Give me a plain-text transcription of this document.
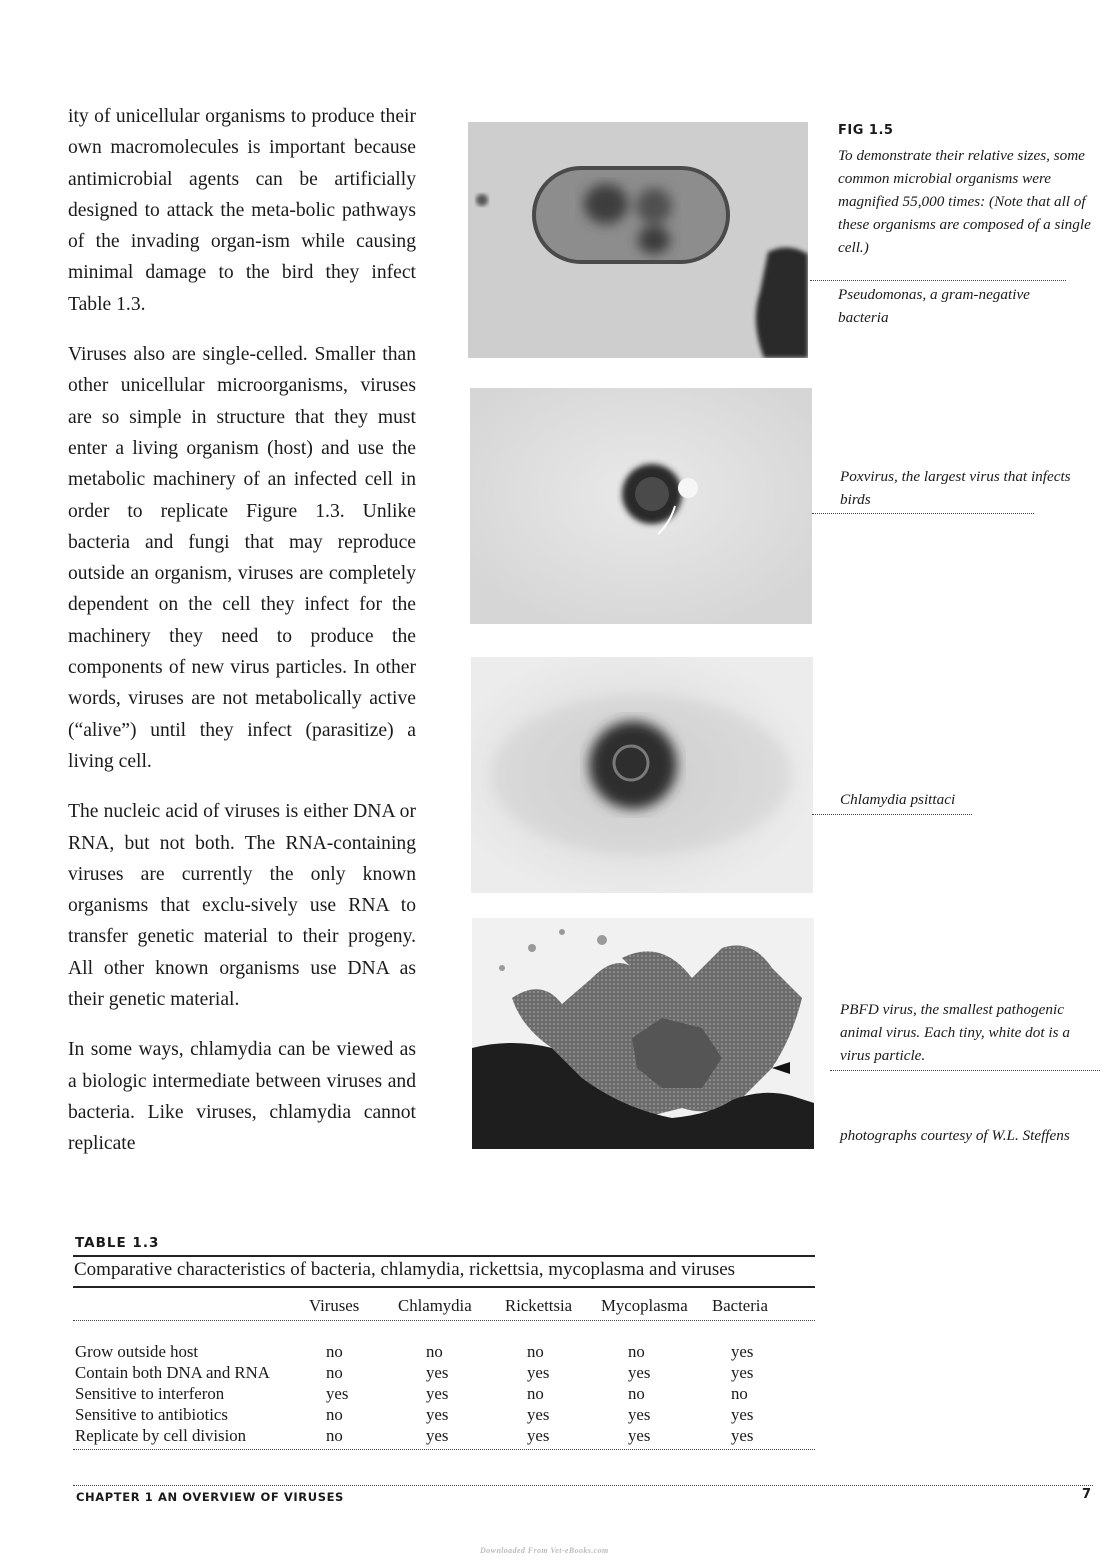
ity of unicellular organisms to produce their own macromolecules is important because antimicrobial agents can be artificially designed to attack the meta-bolic pathways of the invading organ-ism while causing minimal damage to the bird they infect Table 1.3.

Viruses also are single-celled. Smaller than other unicellular microorganisms, viruses are so simple in structure that they must enter a living organism (host) and use the metabolic machinery of an infected cell in order to replicate Figure 1.3. Unlike bacteria and fungi that may reproduce outside an organism, viruses are completely dependent on the cell they infect for the machinery they need to produce the components of new virus particles. In other words, viruses are not metabolically active (“alive”) until they infect (parasitize) a living cell.

The nucleic acid of viruses is either DNA or RNA, but not both. The RNA-containing viruses are currently the only known organisms that exclu-sively use RNA to transfer genetic material to their progeny. All other known organisms use DNA as their genetic material.

In some ways, chlamydia can be viewed as a biologic intermediate between viruses and bacteria. Like viruses, chlamydia cannot replicate

FIG 1.5
To demonstrate their relative sizes, some common microbial organisms were magnified 55,000 times: (Note that all of these organisms are composed of a single cell.)
Pseudomonas, a gram-negative bacteria
Poxvirus, the largest virus that infects birds
Chlamydia psittaci
PBFD virus, the smallest pathogenic animal virus. Each tiny, white dot is a virus particle.
photographs courtesy of W.L. Steffens
TABLE 1.3
Comparative characteristics of bacteria, chlamydia, rickettsia, mycoplasma and viruses
Viruses Chlamydia Rickettsia Mycoplasma Bacteria
Grow outside host	no	no	no	no	yes
Contain both DNA and RNA	no	yes	yes	yes	yes
Sensitive to interferon	yes	yes	no	no	no
Sensitive to antibiotics	no	yes	yes	yes	yes
Replicate by cell division	no	yes	yes	yes	yes
CHAPTER 1 AN OVERVIEW OF VIRUSES	7
Downloaded From Vet-eBooks.com
